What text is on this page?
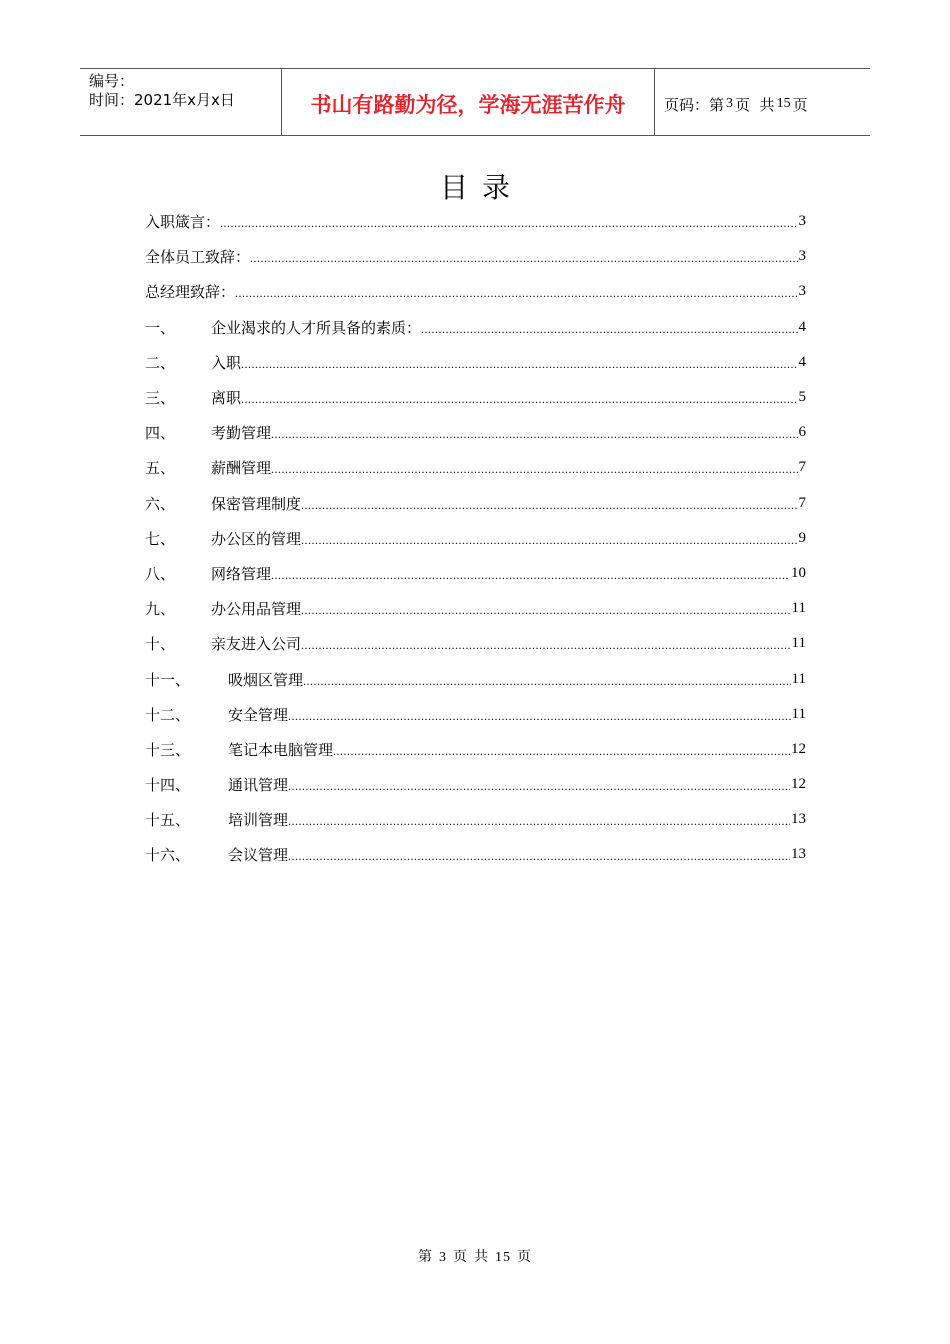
编号：
时间：2021年x月x日	书山有路勤为径，学海无涯苦作舟	页码：第 3 页  共 15 页
目录
入职箴言： .....	3
全体员工致辞： .....	3
总经理致辞： .....	3
一、	企业渴求的人才所具备的素质： .....	4
二、	入职 .....	4
三、	离职 .....	5
四、	考勤管理 .....	6
五、	薪酬管理 .....	7
六、	保密管理制度 .....	7
七、	办公区的管理 .....	9
八、	网络管理 .....	10
九、	办公用品管理 .....	11
十、	亲友进入公司 .....	11
十一、	吸烟区管理 .....	11
十二、	安全管理 .....	11
十三、	笔记本电脑管理 .....	12
十四、	通讯管理 .....	12
十五、	培训管理 .....	13
十六、	会议管理 .....	13
第 3 页 共 15 页
